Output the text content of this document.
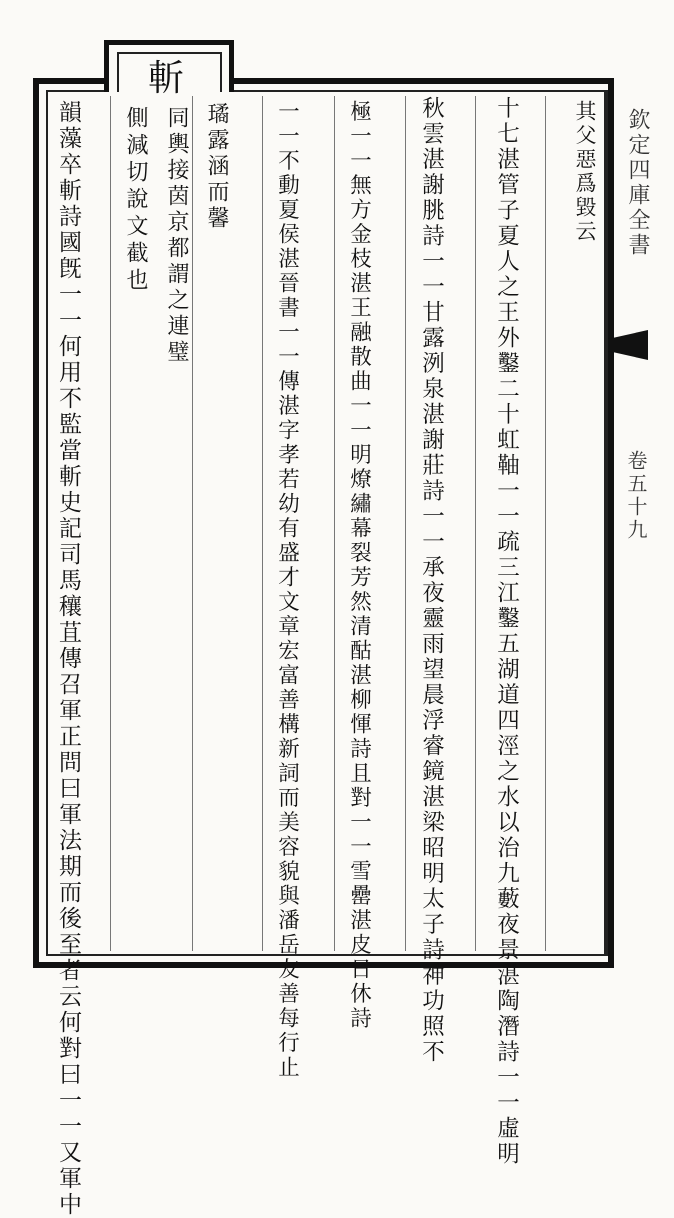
斬
欽定四庫全書
卷五十九
其父惡爲毀云
十七湛管子夏人之王外鑿二十虹䩜一一疏三江鑿五湖道四涇之水以治九藪夜景湛陶潛詩一一虛明
秋雲湛謝朓詩一一甘露洌泉湛謝莊詩一一承夜靈雨望晨浮睿鏡湛梁昭明太子詩神功照不
極一一無方金枝湛王融散曲一一明燎繡幕裂芳然清酤湛柳惲詩且對一一雪罍湛皮日休詩
一一不動夏侯湛晉書一一傳湛字孝若幼有盛才文章宏富善構新詞而美容貌與潘岳友善每行止
璚露涵而馨
同輿接茵京都謂之連璧
側減切說文截也
韻藻卒斬詩國旣一一何用不監當斬史記司馬穰苴傳召軍正問曰軍法期而後至者云何對曰一一又軍中
